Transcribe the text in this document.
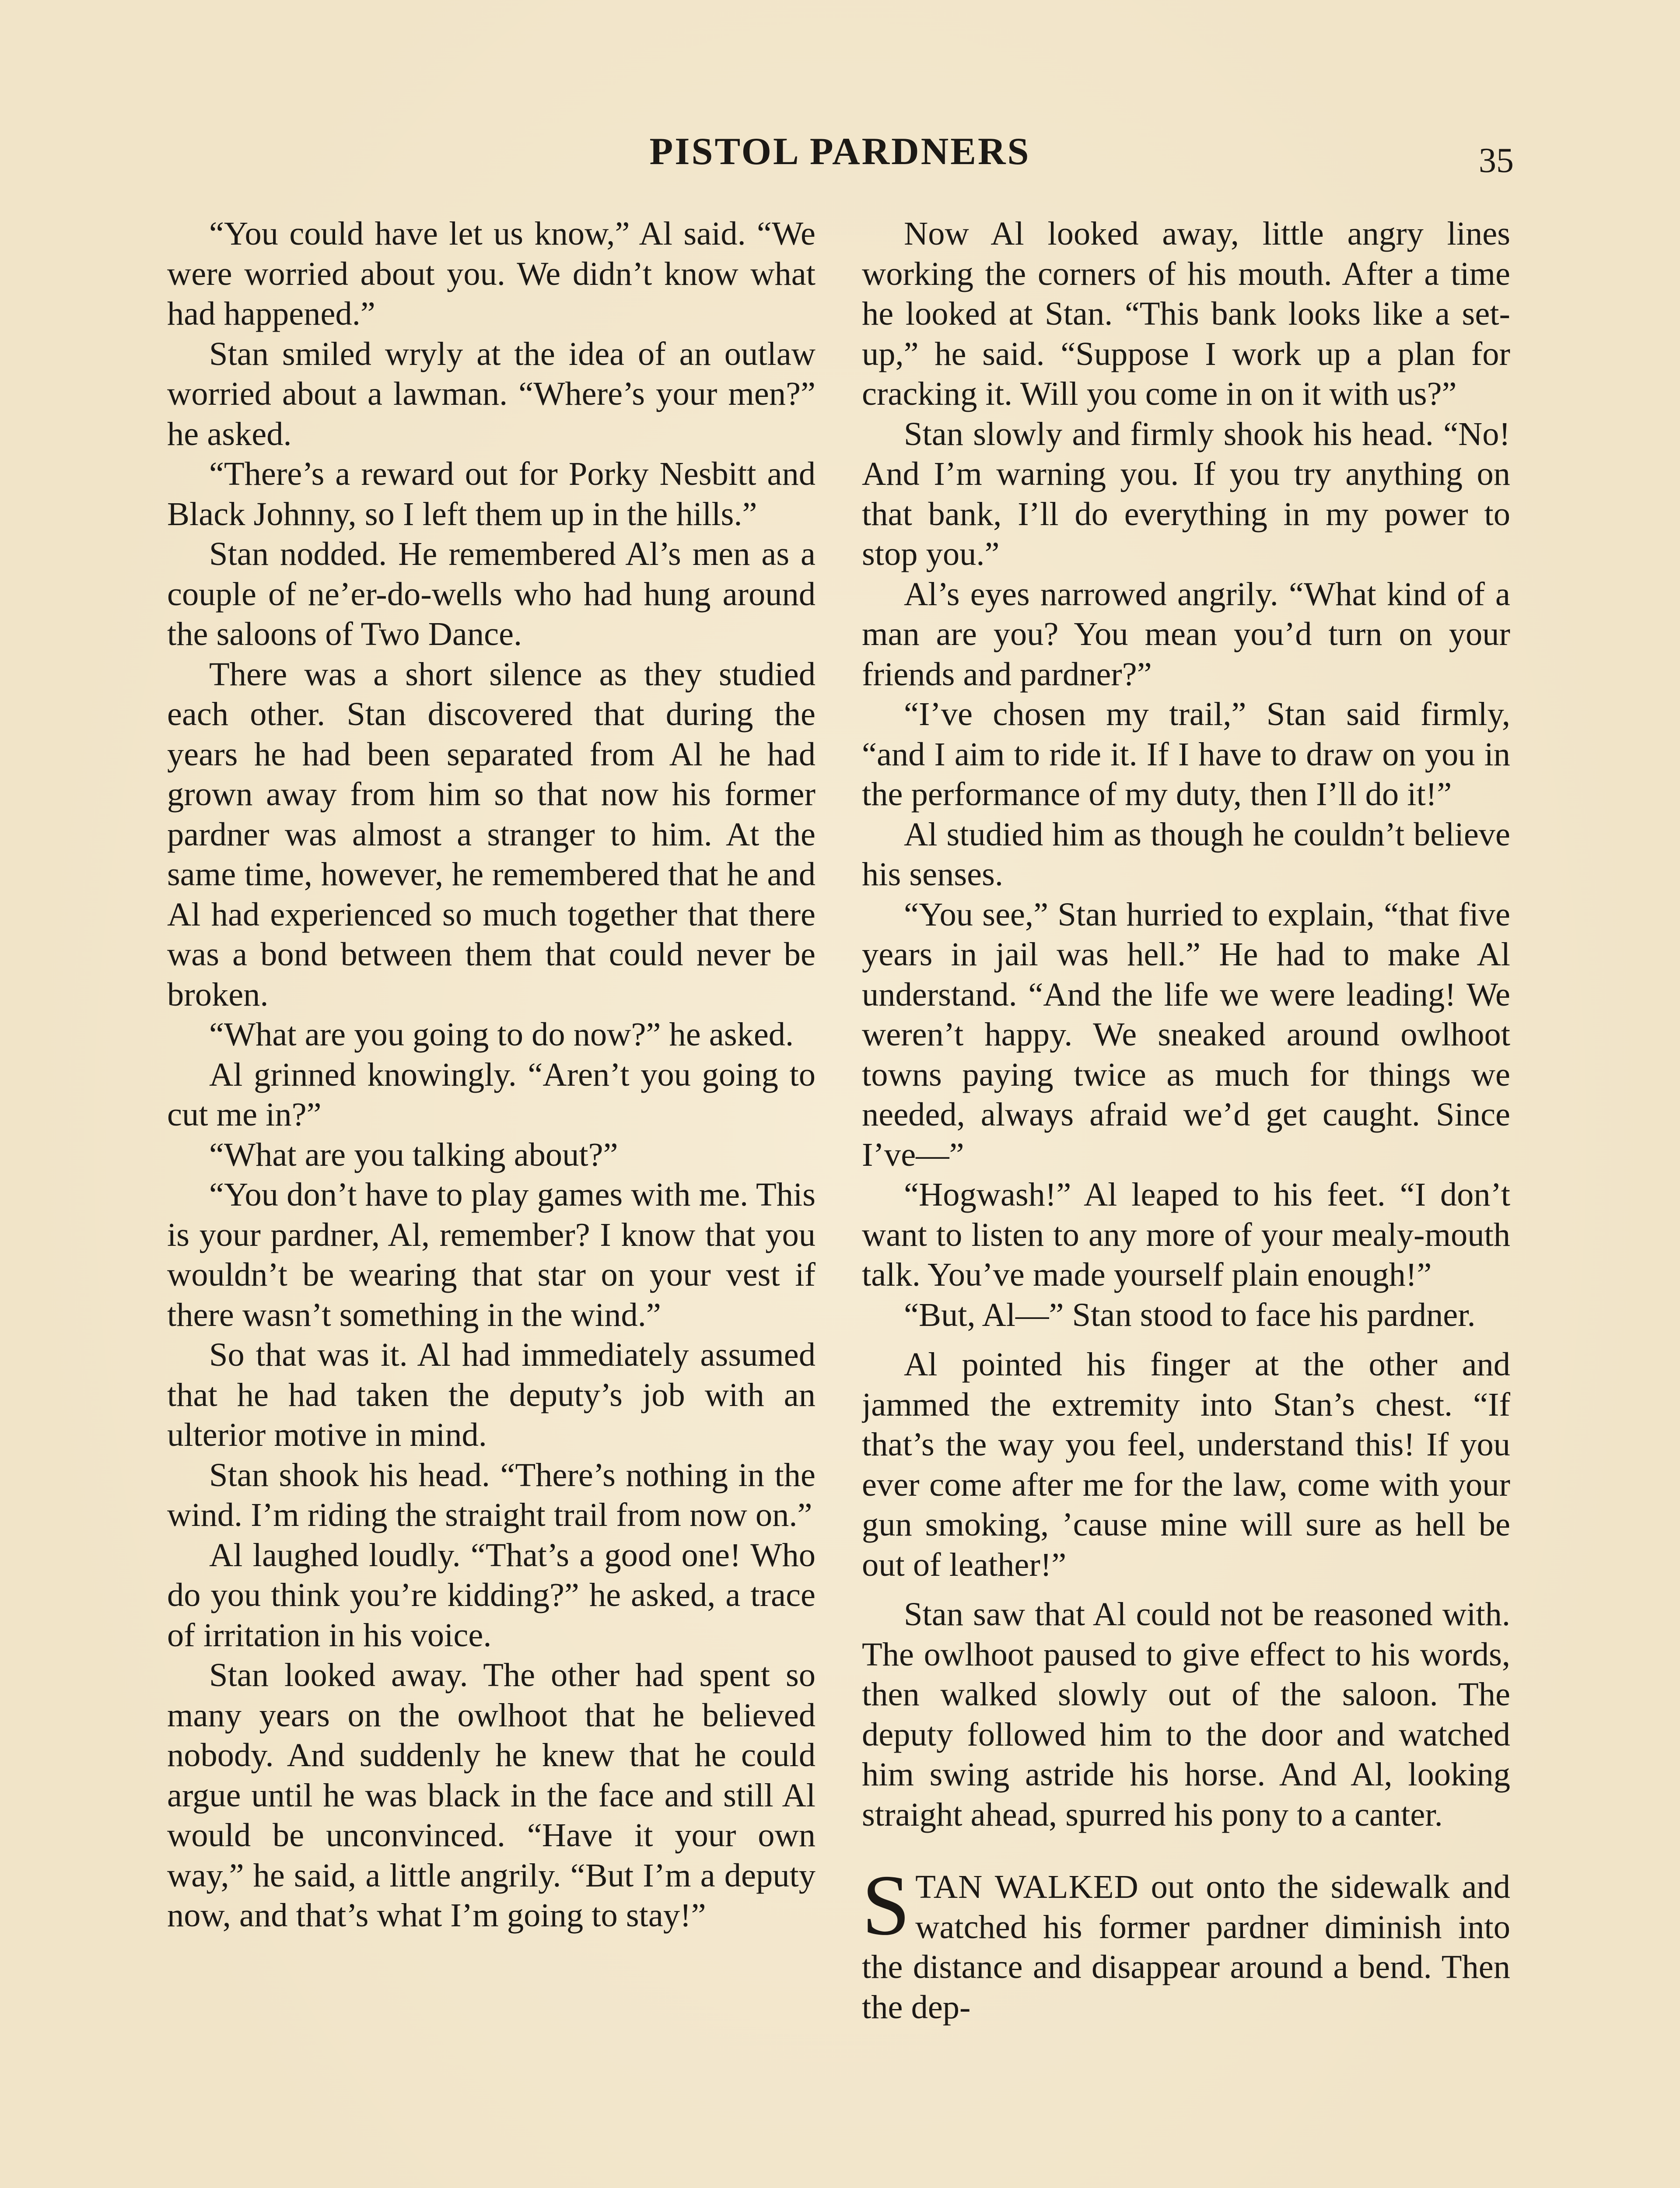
PISTOL PARDNERS	35

“You could have let us know,” Al said. “We were worried about you. We didn’t know what had happened.”

Stan smiled wryly at the idea of an outlaw worried about a lawman. “Where’s your men?” he asked.

“There’s a reward out for Porky Nesbitt and Black Johnny, so I left them up in the hills.”

Stan nodded. He remembered Al’s men as a couple of ne’er-do-wells who had hung around the saloons of Two Dance.

There was a short silence as they studied each other. Stan discovered that during the years he had been separated from Al he had grown away from him so that now his former pardner was almost a stranger to him. At the same time, however, he remembered that he and Al had experienced so much together that there was a bond between them that could never be broken.

“What are you going to do now?” he asked.

Al grinned knowingly. “Aren’t you going to cut me in?”

“What are you talking about?”

“You don’t have to play games with me. This is your pardner, Al, remember? I know that you wouldn’t be wearing that star on your vest if there wasn’t something in the wind.”

So that was it. Al had immediately assumed that he had taken the deputy’s job with an ulterior motive in mind.

Stan shook his head. “There’s nothing in the wind. I’m riding the straight trail from now on.”

Al laughed loudly. “That’s a good one! Who do you think you’re kidding?” he asked, a trace of irritation in his voice.

Stan looked away. The other had spent so many years on the owlhoot that he believed nobody. And suddenly he knew that he could argue until he was black in the face and still Al would be unconvinced. “Have it your own way,” he said, a little angrily. “But I’m a deputy now, and that’s what I’m going to stay!”

Now Al looked away, little angry lines working the corners of his mouth. After a time he looked at Stan. “This bank looks like a set-up,” he said. “Suppose I work up a plan for cracking it. Will you come in on it with us?”

Stan slowly and firmly shook his head. “No! And I’m warning you. If you try anything on that bank, I’ll do everything in my power to stop you.”

Al’s eyes narrowed angrily. “What kind of a man are you? You mean you’d turn on your friends and pardner?”

“I’ve chosen my trail,” Stan said firmly, “and I aim to ride it. If I have to draw on you in the performance of my duty, then I’ll do it!”

Al studied him as though he couldn’t believe his senses.

“You see,” Stan hurried to explain, “that five years in jail was hell.” He had to make Al understand. “And the life we were leading! We weren’t happy. We sneaked around owlhoot towns paying twice as much for things we needed, always afraid we’d get caught. Since I’ve—”

“Hogwash!” Al leaped to his feet. “I don’t want to listen to any more of your mealy-mouth talk. You’ve made yourself plain enough!”

“But, Al—” Stan stood to face his pardner.

Al pointed his finger at the other and jammed the extremity into Stan’s chest. “If that’s the way you feel, understand this! If you ever come after me for the law, come with your gun smoking, ’cause mine will sure as hell be out of leather!”

Stan saw that Al could not be reasoned with. The owlhoot paused to give effect to his words, then walked slowly out of the saloon. The deputy followed him to the door and watched him swing astride his horse. And Al, looking straight ahead, spurred his pony to a canter.

STAN WALKED out onto the sidewalk and watched his former pardner diminish into the distance and disappear around a bend. Then the dep-
